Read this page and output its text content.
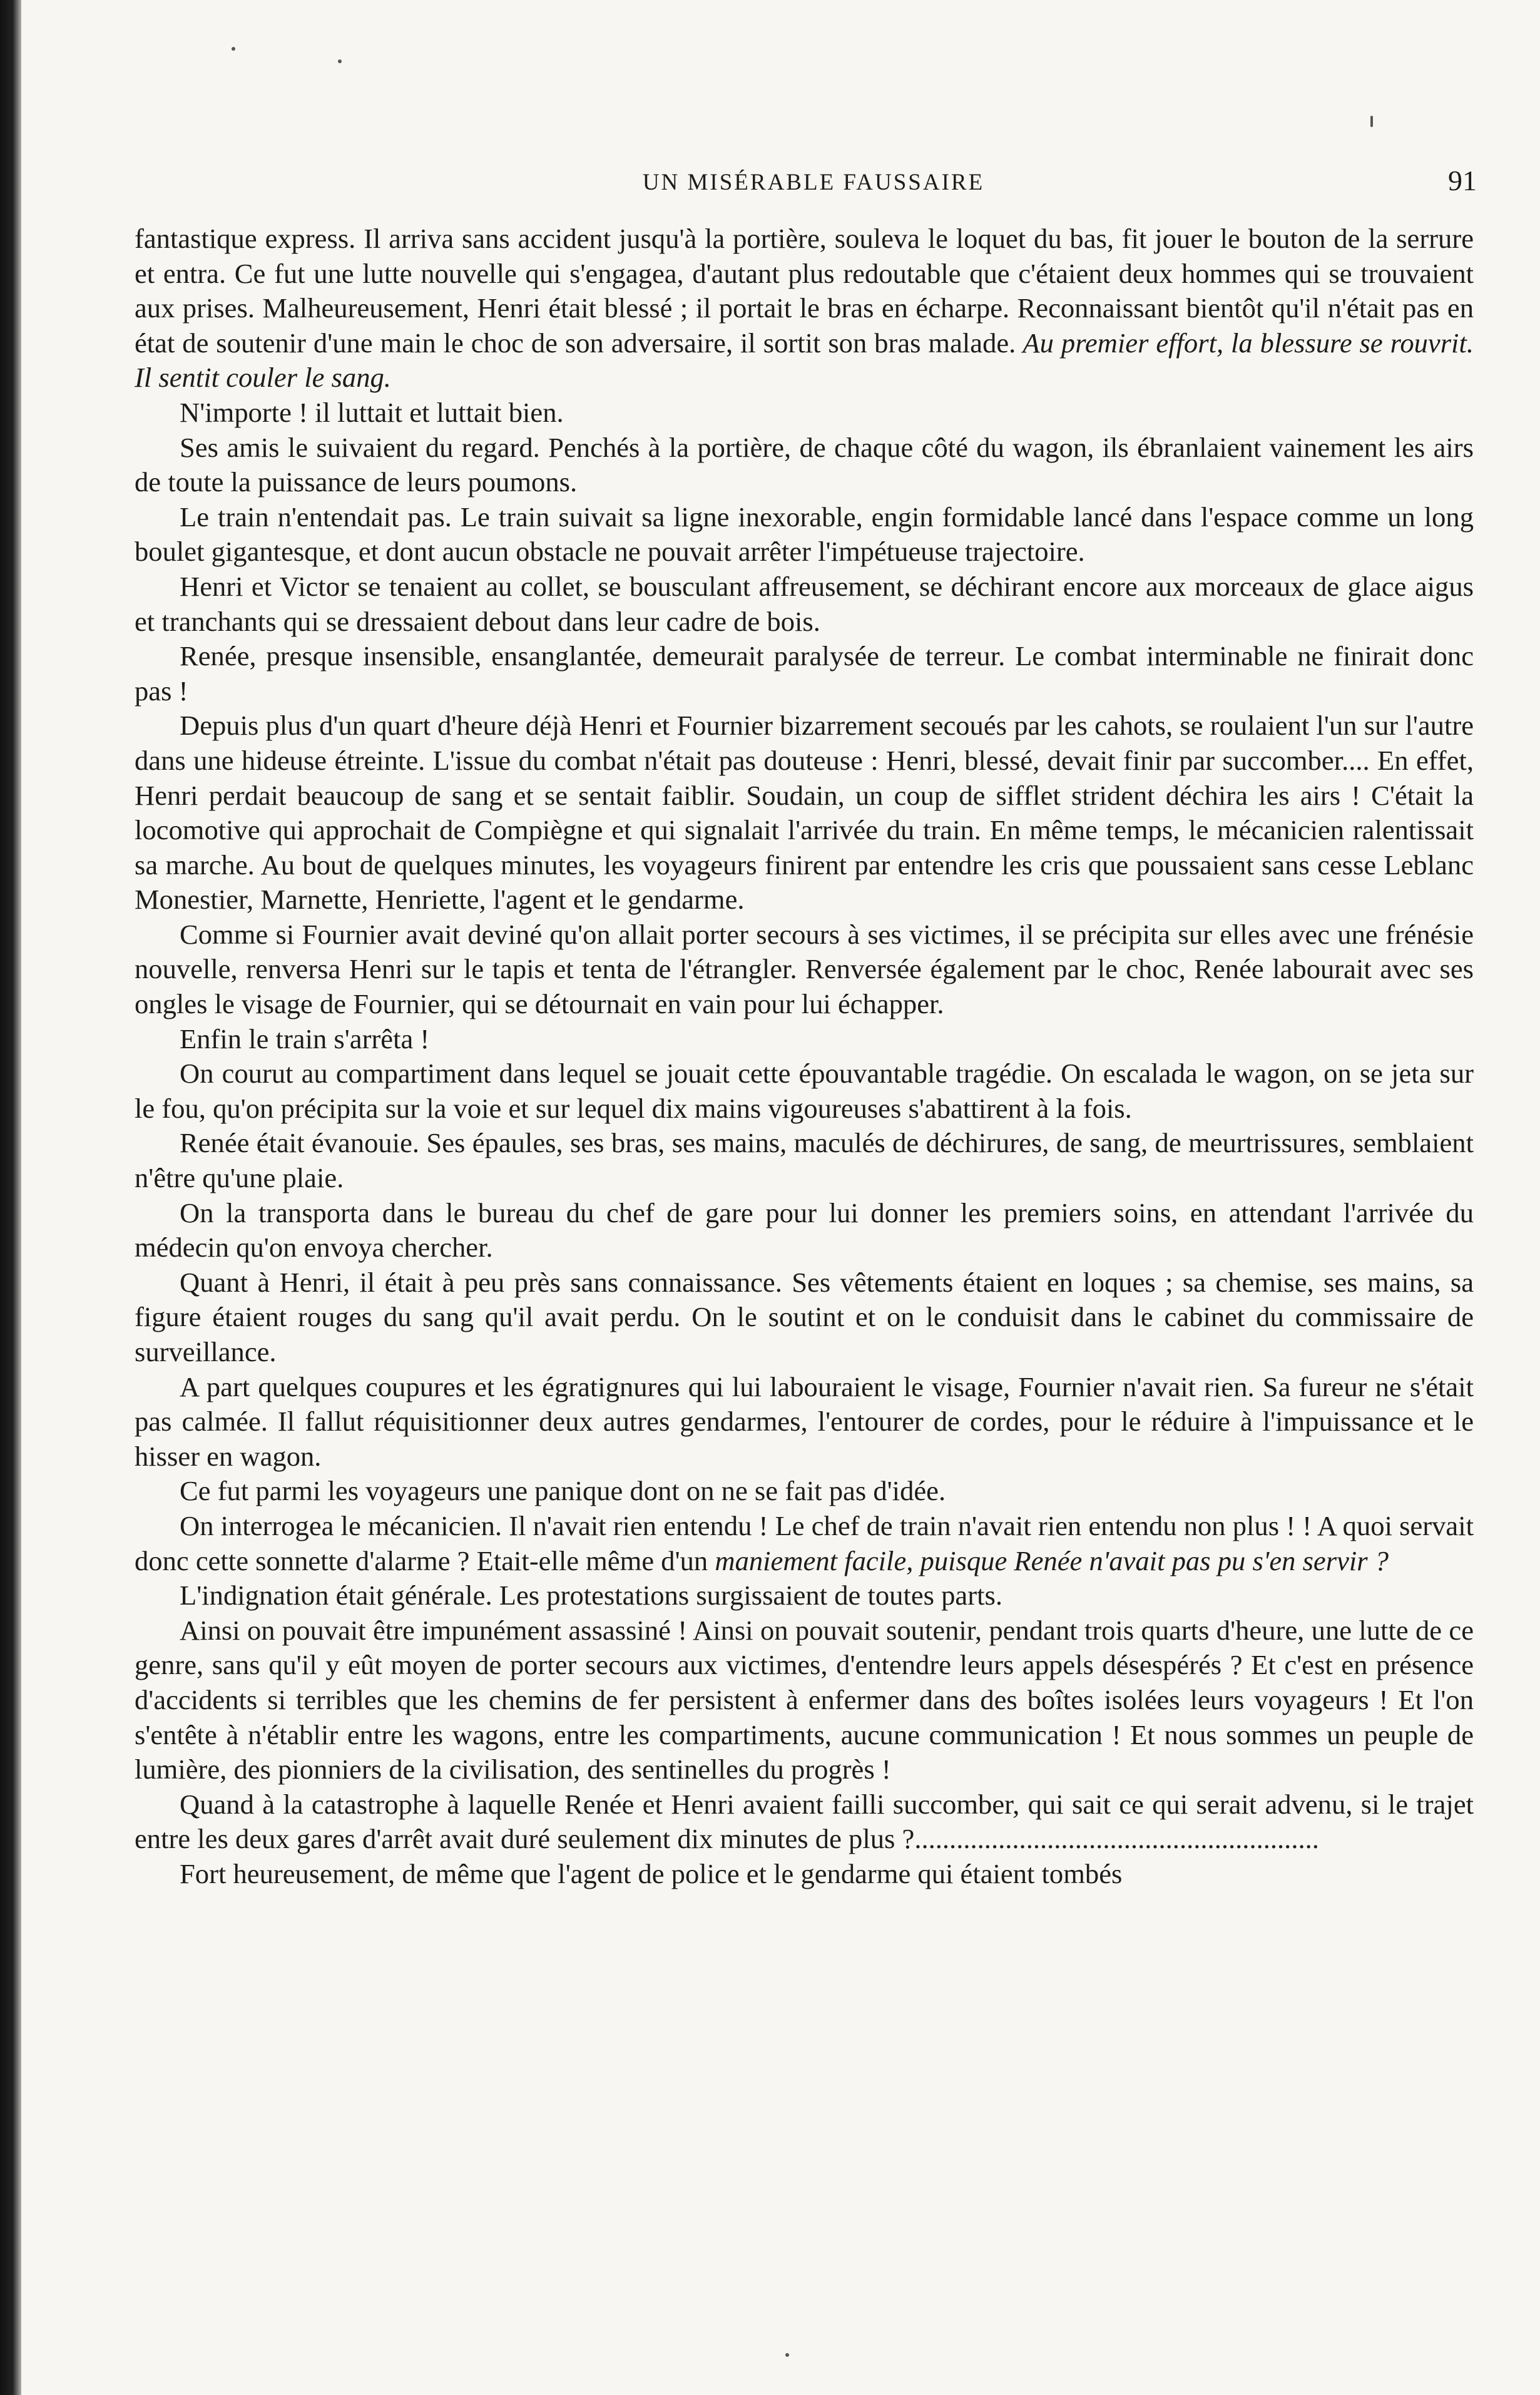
UN MISÉRABLE FAUSSAIRE	91

fantastique express. Il arriva sans accident jusqu'à la portière, souleva le loquet du bas, fit jouer le bouton de la serrure et entra. Ce fut une lutte nouvelle qui s'engagea, d'autant plus redoutable que c'étaient deux hommes qui se trouvaient aux prises. Malheureusement, Henri était blessé ; il portait le bras en écharpe. Reconnaissant bientôt qu'il n'était pas en état de soutenir d'une main le choc de son adversaire, il sortit son bras malade. Au premier effort, la blessure se rouvrit. Il sentit couler le sang.

N'importe ! il luttait et luttait bien.

Ses amis le suivaient du regard. Penchés à la portière, de chaque côté du wagon, ils ébranlaient vainement les airs de toute la puissance de leurs poumons.

Le train n'entendait pas. Le train suivait sa ligne inexorable, engin formidable lancé dans l'espace comme un long boulet gigantesque, et dont aucun obstacle ne pouvait arrêter l'impétueuse trajectoire.

Henri et Victor se tenaient au collet, se bousculant affreusement, se déchirant encore aux morceaux de glace aigus et tranchants qui se dressaient debout dans leur cadre de bois.

Renée, presque insensible, ensanglantée, demeurait paralysée de terreur. Le combat interminable ne finirait donc pas !

Depuis plus d'un quart d'heure déjà Henri et Fournier bizarrement secoués par les cahots, se roulaient l'un sur l'autre dans une hideuse étreinte. L'issue du combat n'était pas douteuse : Henri, blessé, devait finir par succomber.... En effet, Henri perdait beaucoup de sang et se sentait faiblir. Soudain, un coup de sifflet strident déchira les airs ! C'était la locomotive qui approchait de Compiègne et qui signalait l'arrivée du train. En même temps, le mécanicien ralentissait sa marche. Au bout de quelques minutes, les voyageurs finirent par entendre les cris que poussaient sans cesse Leblanc Monestier, Marnette, Henriette, l'agent et le gendarme.

Comme si Fournier avait deviné qu'on allait porter secours à ses victimes, il se précipita sur elles avec une frénésie nouvelle, renversa Henri sur le tapis et tenta de l'étrangler. Renversée également par le choc, Renée labourait avec ses ongles le visage de Fournier, qui se détournait en vain pour lui échapper.

Enfin le train s'arrêta !

On courut au compartiment dans lequel se jouait cette épouvantable tragédie. On escalada le wagon, on se jeta sur le fou, qu'on précipita sur la voie et sur lequel dix mains vigoureuses s'abattirent à la fois.

Renée était évanouie. Ses épaules, ses bras, ses mains, maculés de déchirures, de sang, de meurtrissures, semblaient n'être qu'une plaie.

On la transporta dans le bureau du chef de gare pour lui donner les premiers soins, en attendant l'arrivée du médecin qu'on envoya chercher.

Quant à Henri, il était à peu près sans connaissance. Ses vêtements étaient en loques ; sa chemise, ses mains, sa figure étaient rouges du sang qu'il avait perdu. On le soutint et on le conduisit dans le cabinet du commissaire de surveillance.

A part quelques coupures et les égratignures qui lui labouraient le visage, Fournier n'avait rien. Sa fureur ne s'était pas calmée. Il fallut réquisitionner deux autres gendarmes, l'entourer de cordes, pour le réduire à l'impuissance et le hisser en wagon.

Ce fut parmi les voyageurs une panique dont on ne se fait pas d'idée.

On interrogea le mécanicien. Il n'avait rien entendu ! Le chef de train n'avait rien entendu non plus ! ! A quoi servait donc cette sonnette d'alarme ? Etait-elle même d'un maniement facile, puisque Renée n'avait pas pu s'en servir ?

L'indignation était générale. Les protestations surgissaient de toutes parts.

Ainsi on pouvait être impunément assassiné ! Ainsi on pouvait soutenir, pendant trois quarts d'heure, une lutte de ce genre, sans qu'il y eût moyen de porter secours aux victimes, d'entendre leurs appels désespérés ? Et c'est en présence d'accidents si terribles que les chemins de fer persistent à enfermer dans des boîtes isolées leurs voyageurs ! Et l'on s'entête à n'établir entre les wagons, entre les compartiments, aucune communication ! Et nous sommes un peuple de lumière, des pionniers de la civilisation, des sentinelles du progrès !

Quand à la catastrophe à laquelle Renée et Henri avaient failli succomber, qui sait ce qui serait advenu, si le trajet entre les deux gares d'arrêt avait duré seulement dix minutes de plus ?..........................................................

Fort heureusement, de même que l'agent de police et le gendarme qui étaient tombés
